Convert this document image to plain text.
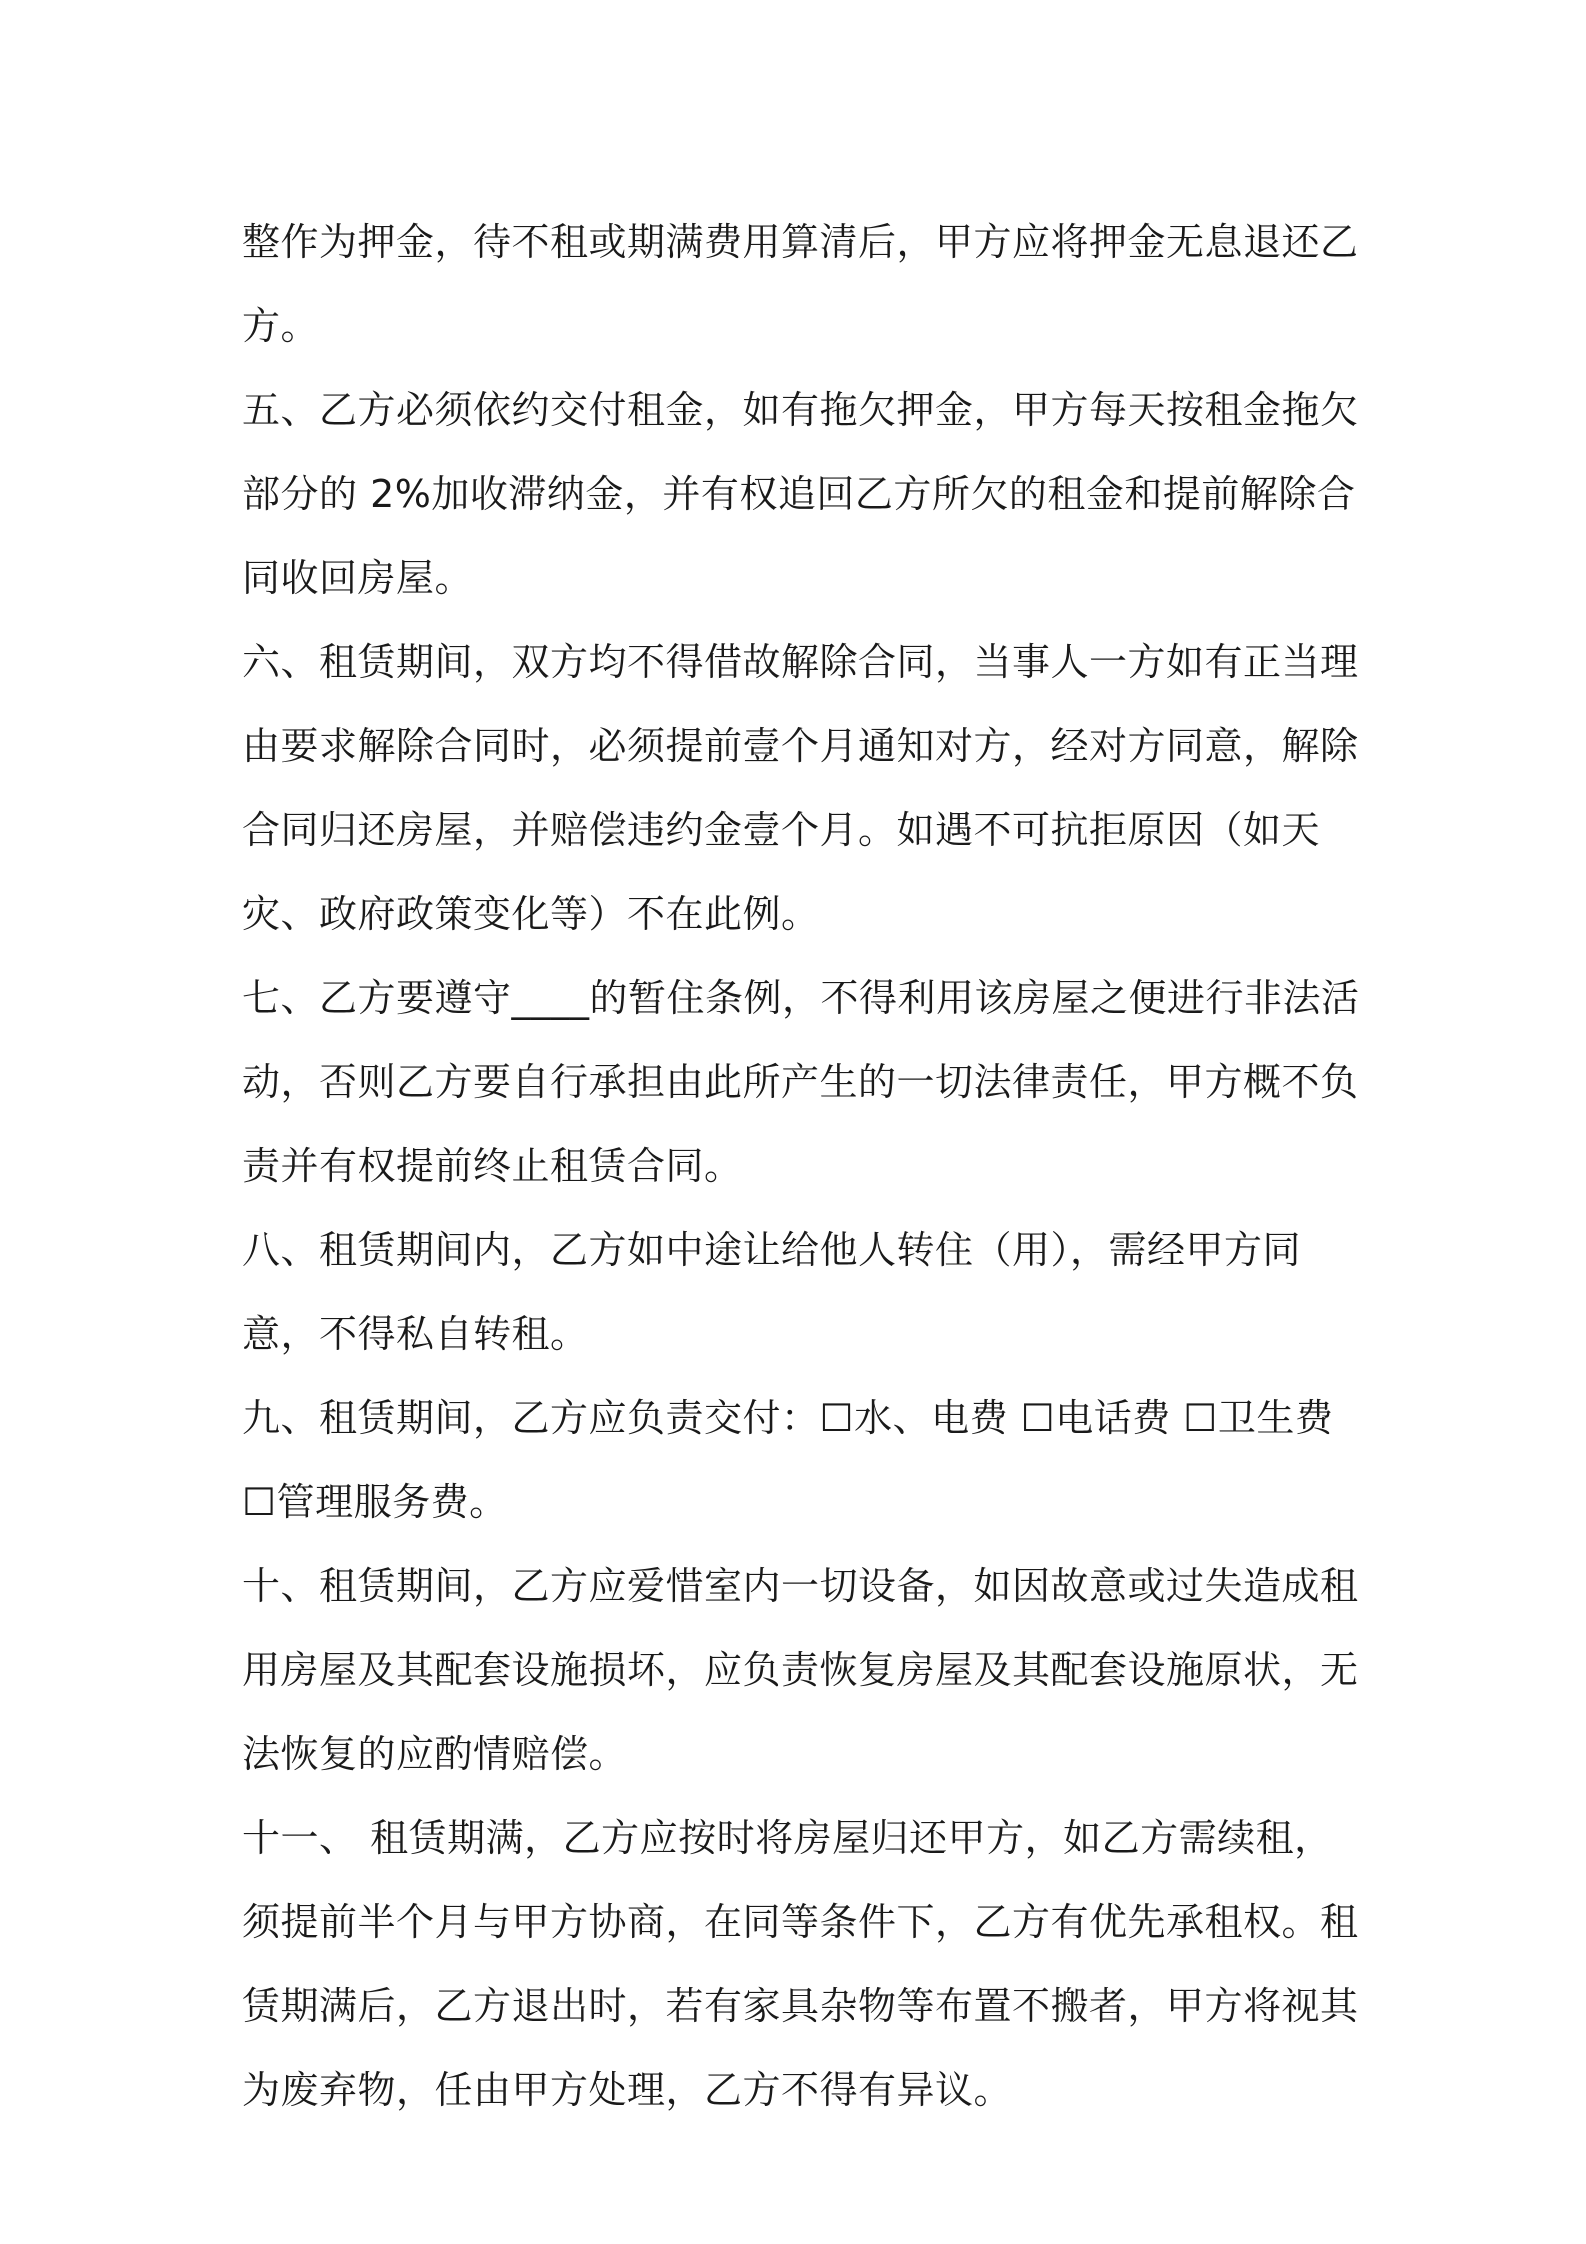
整作为押金，待不租或期满费用算清后，甲方应将押金无息退还乙方。

五、乙方必须依约交付租金，如有拖欠押金，甲方每天按租金拖欠部分的 2%加收滞纳金，并有权追回乙方所欠的租金和提前解除合同收回房屋。

六、租赁期间，双方均不得借故解除合同，当事人一方如有正当理由要求解除合同时，必须提前壹个月通知对方，经对方同意，解除合同归还房屋，并赔偿违约金壹个月。如遇不可抗拒原因（如天灾、政府政策变化等）不在此例。

七、乙方要遵守____的暂住条例，不得利用该房屋之便进行非法活动，否则乙方要自行承担由此所产生的一切法律责任，甲方概不负责并有权提前终止租赁合同。

八、租赁期间内，乙方如中途让给他人转住（用），需经甲方同意，不得私自转租。

九、租赁期间，乙方应负责交付：☐水、电费 ☐电话费 ☐卫生费 ☐管理服务费。

十、租赁期间，乙方应爱惜室内一切设备，如因故意或过失造成租用房屋及其配套设施损坏，应负责恢复房屋及其配套设施原状，无法恢复的应酌情赔偿。

十一、 租赁期满，乙方应按时将房屋归还甲方，如乙方需续租，须提前半个月与甲方协商，在同等条件下，乙方有优先承租权。租赁期满后，乙方退出时，若有家具杂物等布置不搬者，甲方将视其为废弃物，任由甲方处理，乙方不得有异议。
